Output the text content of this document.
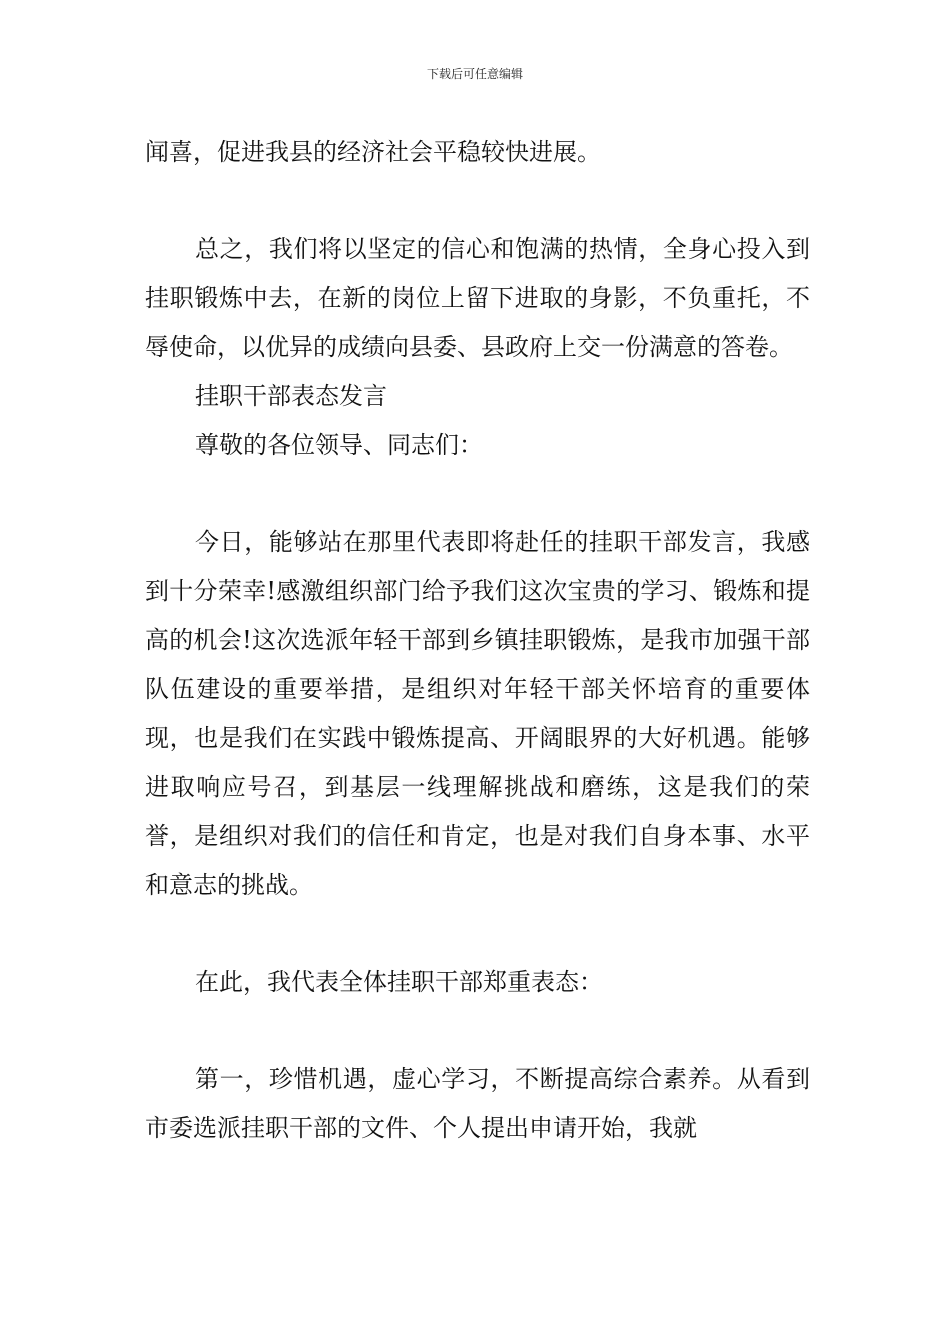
下载后可任意编辑

闻喜，促进我县的经济社会平稳较快进展。

总之，我们将以坚定的信心和饱满的热情，全身心投入到挂职锻炼中去，在新的岗位上留下进取的身影，不负重托，不辱使命，以优异的成绩向县委、县政府上交一份满意的答卷。

挂职干部表态发言

尊敬的各位领导、同志们：

今日，能够站在那里代表即将赴任的挂职干部发言，我感到十分荣幸!感激组织部门给予我们这次宝贵的学习、锻炼和提高的机会!这次选派年轻干部到乡镇挂职锻炼，是我市加强干部队伍建设的重要举措，是组织对年轻干部关怀培育的重要体现，也是我们在实践中锻炼提高、开阔眼界的大好机遇。能够进取响应号召，到基层一线理解挑战和磨练，这是我们的荣誉，是组织对我们的信任和肯定，也是对我们自身本事、水平和意志的挑战。

在此，我代表全体挂职干部郑重表态：

第一，珍惜机遇，虚心学习，不断提高综合素养。从看到市委选派挂职干部的文件、个人提出申请开始，我就
